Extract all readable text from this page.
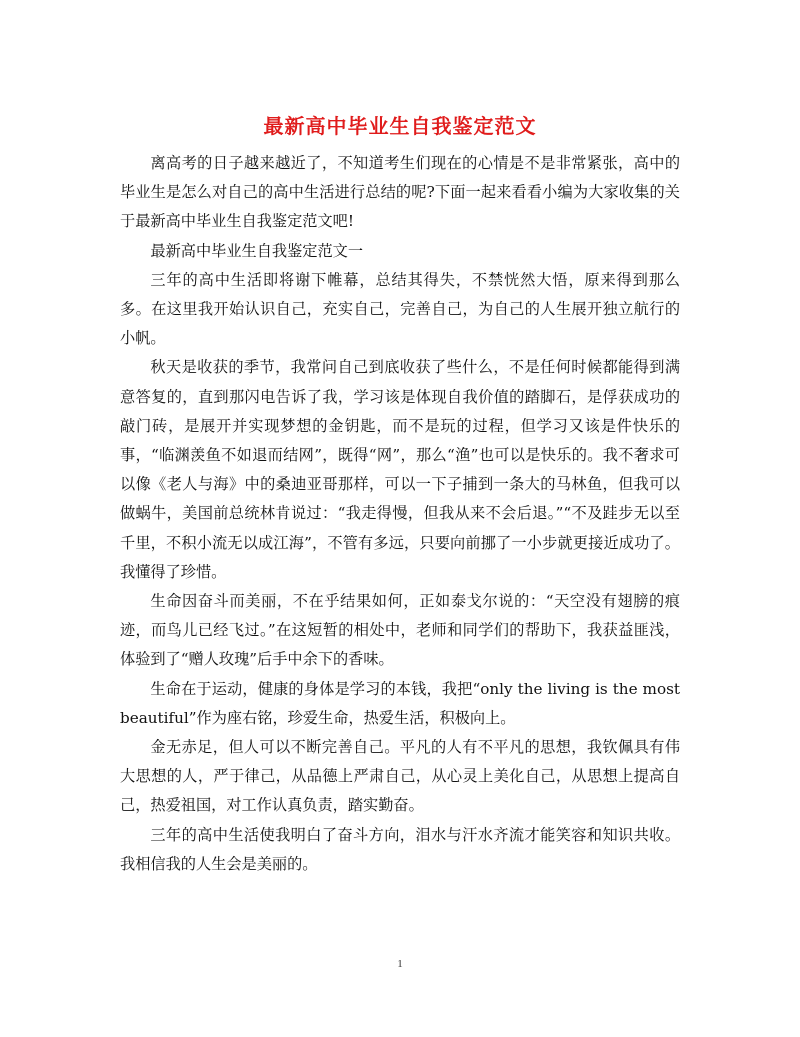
最新高中毕业生自我鉴定范文

离高考的日子越来越近了，不知道考生们现在的心情是不是非常紧张，高中的毕业生是怎么对自己的高中生活进行总结的呢?下面一起来看看小编为大家收集的关于最新高中毕业生自我鉴定范文吧!

最新高中毕业生自我鉴定范文一

三年的高中生活即将谢下帷幕，总结其得失，不禁恍然大悟，原来得到那么多。在这里我开始认识自己，充实自己，完善自己，为自己的人生展开独立航行的小帆。

秋天是收获的季节，我常问自己到底收获了些什么，不是任何时候都能得到满意答复的，直到那闪电告诉了我，学习该是体现自我价值的踏脚石，是俘获成功的敲门砖，是展开并实现梦想的金钥匙，而不是玩的过程，但学习又该是件快乐的事，“临渊羡鱼不如退而结网”，既得“网”，那么“渔”也可以是快乐的。我不奢求可以像《老人与海》中的桑迪亚哥那样，可以一下子捕到一条大的马林鱼，但我可以做蜗牛，美国前总统林肯说过：“我走得慢，但我从来不会后退。”“不及跬步无以至千里，不积小流无以成江海”，不管有多远，只要向前挪了一小步就更接近成功了。我懂得了珍惜。

生命因奋斗而美丽，不在乎结果如何，正如泰戈尔说的：“天空没有翅膀的痕迹，而鸟儿已经飞过。”在这短暂的相处中，老师和同学们的帮助下，我获益匪浅，体验到了“赠人玫瑰”后手中余下的香味。

生命在于运动，健康的身体是学习的本钱，我把“only the living is the most beautiful”作为座右铭，珍爱生命，热爱生活，积极向上。

金无赤足，但人可以不断完善自己。平凡的人有不平凡的思想，我钦佩具有伟大思想的人，严于律己，从品德上严肃自己，从心灵上美化自己，从思想上提高自己，热爱祖国，对工作认真负责，踏实勤奋。

三年的高中生活使我明白了奋斗方向，泪水与汗水齐流才能笑容和知识共收。我相信我的人生会是美丽的。

1
